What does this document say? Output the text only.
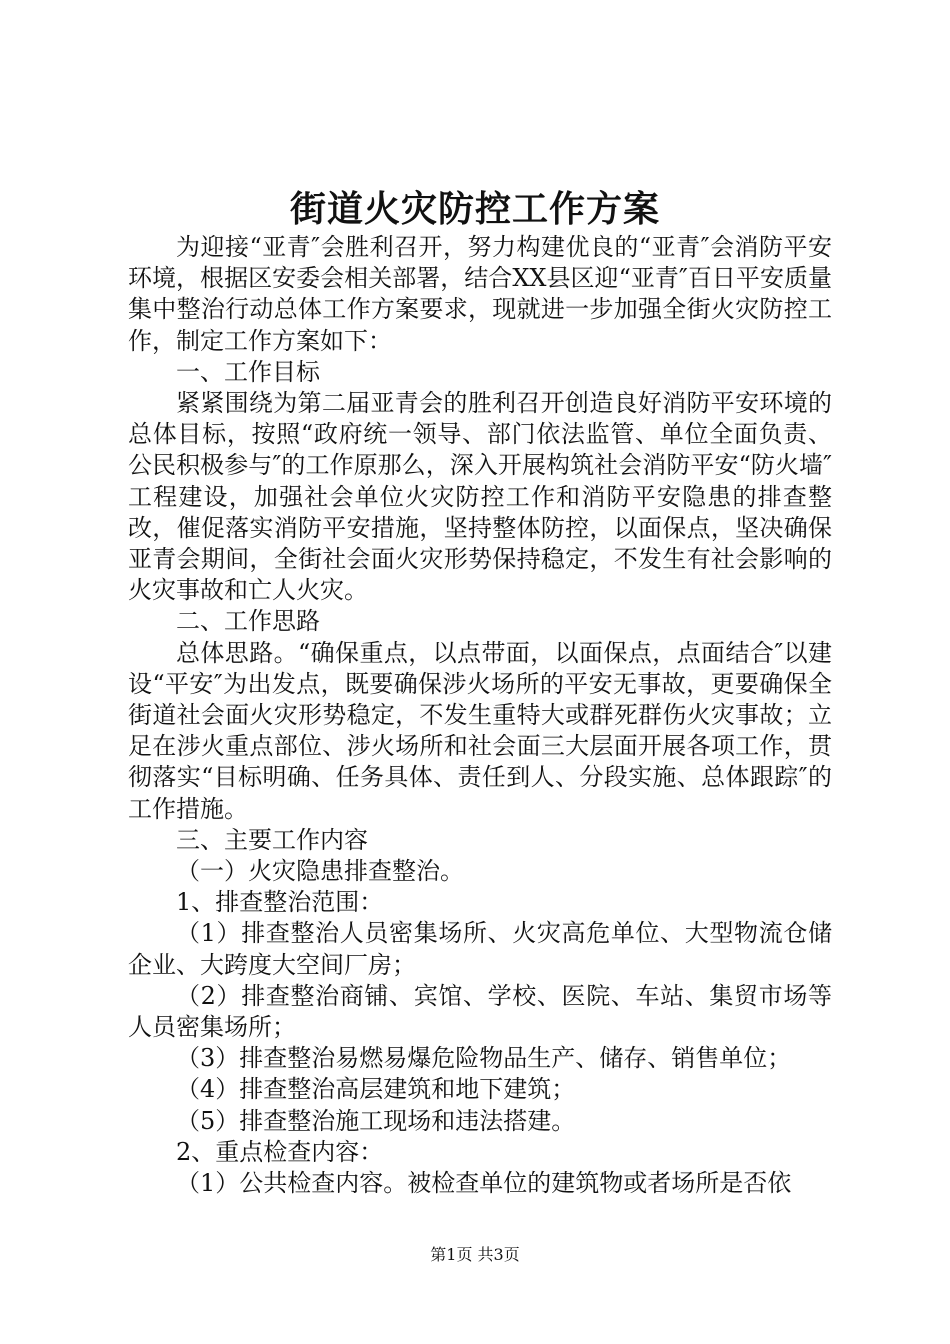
街道火灾防控工作方案

为迎接“亚青″会胜利召开，努力构建优良的“亚青″会消防平安环境，根据区安委会相关部署，结合XX县区迎“亚青″百日平安质量集中整治行动总体工作方案要求，现就进一步加强全街火灾防控工作，制定工作方案如下：

一、工作目标

紧紧围绕为第二届亚青会的胜利召开创造良好消防平安环境的总体目标，按照“政府统一领导、部门依法监管、单位全面负责、公民积极参与″的工作原那么，深入开展构筑社会消防平安“防火墙″工程建设，加强社会单位火灾防控工作和消防平安隐患的排查整改，催促落实消防平安措施，坚持整体防控，以面保点，坚决确保亚青会期间，全街社会面火灾形势保持稳定，不发生有社会影响的火灾事故和亡人火灾。

二、工作思路

总体思路。“确保重点，以点带面，以面保点，点面结合″以建设“平安″为出发点，既要确保涉火场所的平安无事故，更要确保全街道社会面火灾形势稳定，不发生重特大或群死群伤火灾事故；立足在涉火重点部位、涉火场所和社会面三大层面开展各项工作，贯彻落实“目标明确、任务具体、责任到人、分段实施、总体跟踪″的工作措施。

三、主要工作内容

（一）火灾隐患排查整治。

1、排查整治范围：

（1）排查整治人员密集场所、火灾高危单位、大型物流仓储企业、大跨度大空间厂房；

（2）排查整治商铺、宾馆、学校、医院、车站、集贸市场等人员密集场所；

（3）排查整治易燃易爆危险物品生产、储存、销售单位；

（4）排查整治高层建筑和地下建筑；

（5）排查整治施工现场和违法搭建。

2、重点检查内容：

（1）公共检查内容。被检查单位的建筑物或者场所是否依

第1页 共3页
